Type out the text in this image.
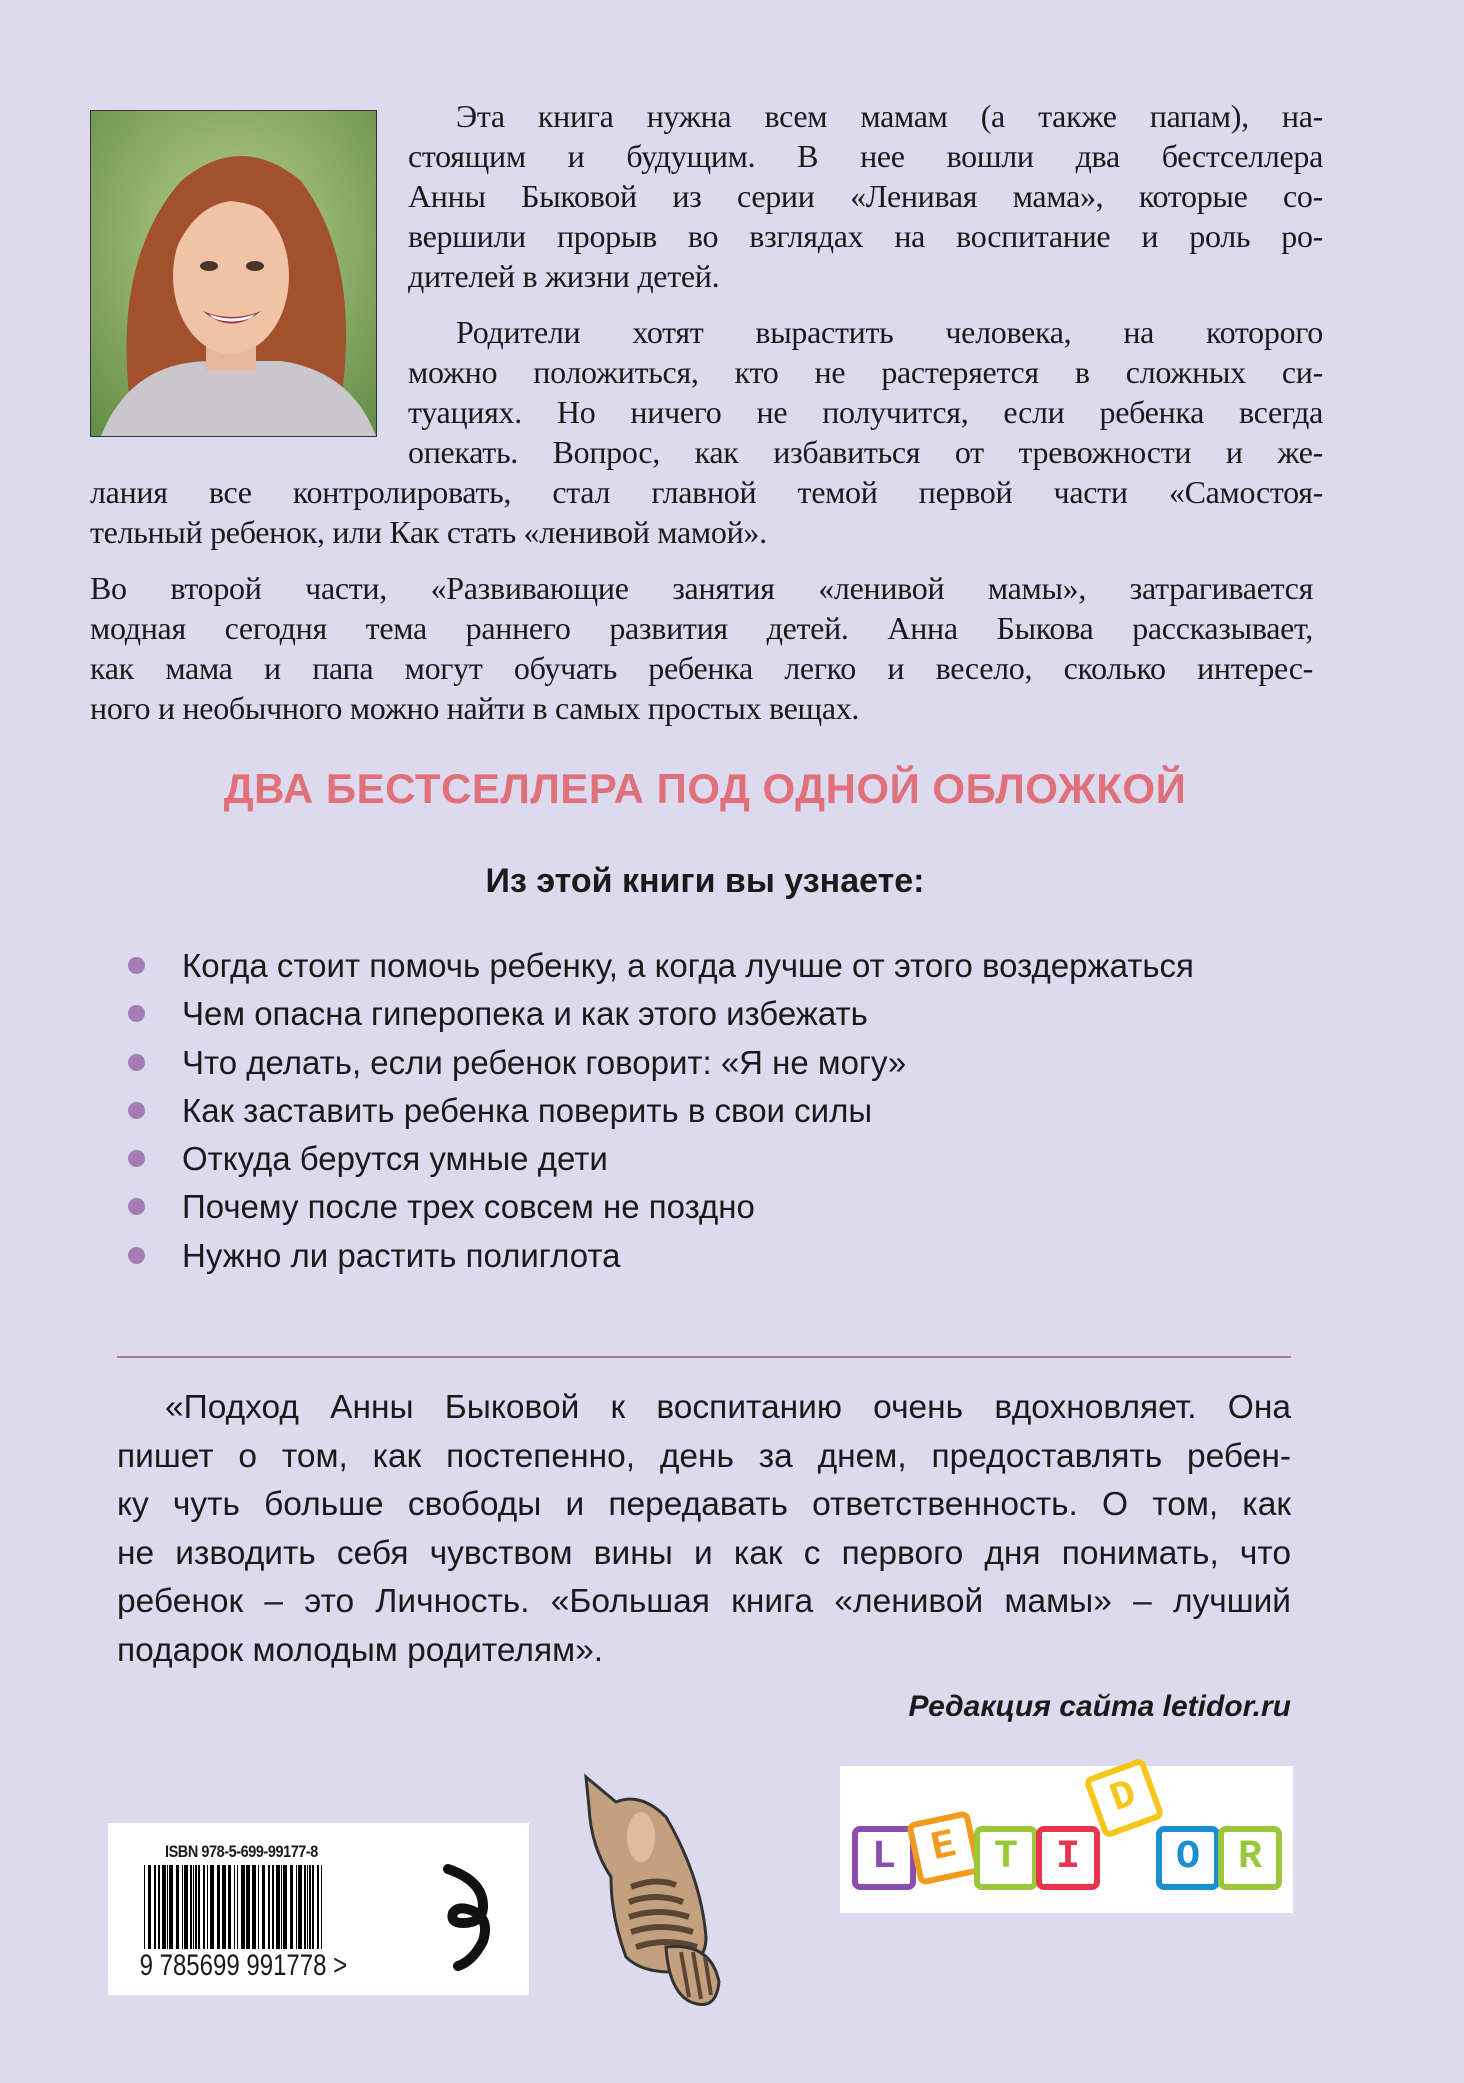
Эта книга нужна всем мамам (а также папам), на-
стоящим и будущим. В нее вошли два бестселлера
Анны Быковой из серии «Ленивая мама», которые со-
вершили прорыв во взглядах на воспитание и роль ро-
дителей в жизни детей.
Родители хотят вырастить человека, на которого
можно положиться, кто не растеряется в сложных си-
туациях. Но ничего не получится, если ребенка всегда
опекать. Вопрос, как избавиться от тревожности и же-
лания все контролировать, стал главной темой первой части «Самостоя-
тельный ребенок, или Как стать «ленивой мамой».
Во второй части, «Развивающие занятия «ленивой мамы», затрагивается
модная сегодня тема раннего развития детей. Анна Быкова рассказывает,
как мама и папа могут обучать ребенка легко и весело, сколько интерес-
ного и необычного можно найти в самых простых вещах.
ДВА БЕСТСЕЛЛЕРА ПОД ОДНОЙ ОБЛОЖКОЙ
Из этой книги вы узнаете:
Когда стоит помочь ребенку, а когда лучше от этого воздержаться
Чем опасна гиперопека и как этого избежать
Что делать, если ребенок говорит: «Я не могу»
Как заставить ребенка поверить в свои силы
Откуда берутся умные дети
Почему после трех совсем не поздно
Нужно ли растить полиглота
«Подход Анны Быковой к воспитанию очень вдохновляет. Она
пишет о том, как постепенно, день за днем, предоставлять ребен-
ку чуть больше свободы и передавать ответственность. О том, как
не изводить себя чувством вины и как с первого дня понимать, что
ребенок – это Личность. «Большая книга «ленивой мамы» – лучший
подарок молодым родителям».
Редакция сайта letidor.ru
ISBN 978-5-699-99177-8
9 785699 991778 >
L E T I
D
O R
